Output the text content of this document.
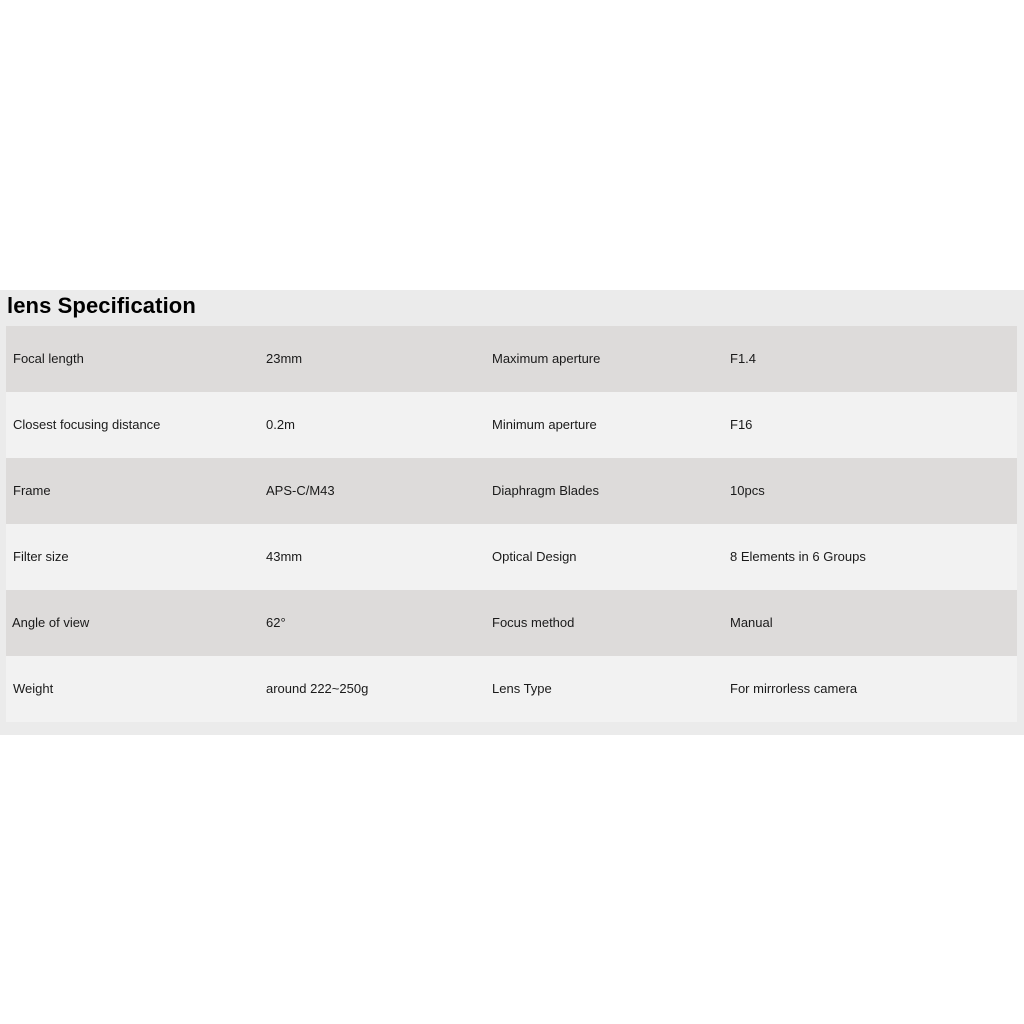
lens Specification
Focal length	23mm	Maximum aperture	F1.4
Closest focusing distance	0.2m	Minimum aperture	F16
Frame	APS-C/M43	Diaphragm Blades	10pcs
Filter size	43mm	Optical Design	8 Elements in 6 Groups
Angle of view	62°	Focus method	Manual
Weight	around 222~250g	Lens Type	For mirrorless camera
